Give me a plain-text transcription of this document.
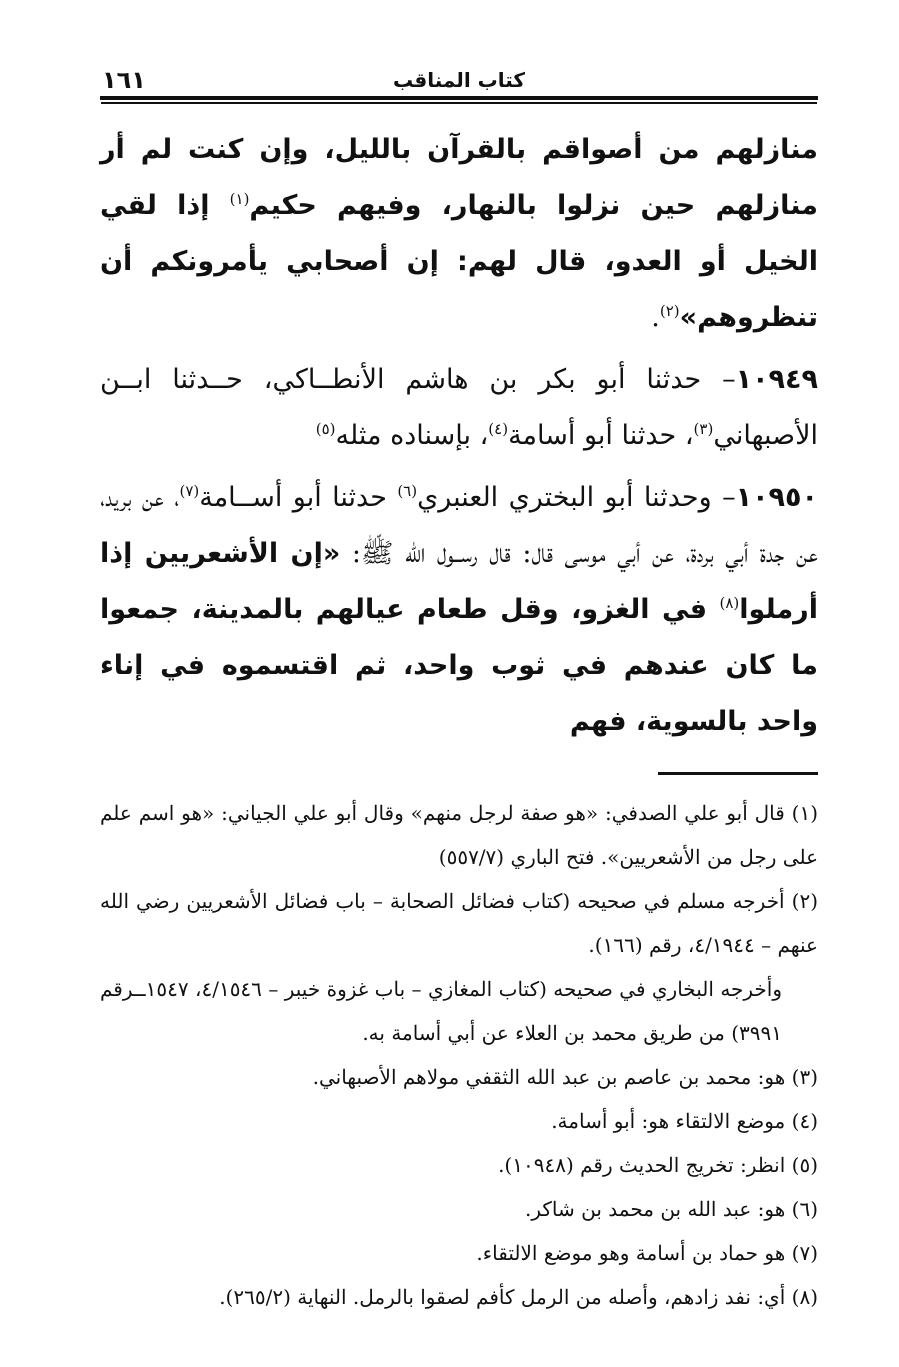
كتاب المناقب
١٦١

منازلهم من أصواقم بالقرآن بالليل، وإن كنت لم أر منازلهم حين نزلوا بالنهار، وفيهم حكيم$^{(١)}$ إذا لقي الخيل أو العدو، قال لهم: إن أصحابي يأمرونكم أن تنظروهم»$^{(٢)}$.

١٠٩٤٩– حدثنا أبو بكر بن هاشم الأنطــاكي، حــدثنا ابــن الأصبهاني$^{(٣)}$، حدثنا أبو أسامة$^{(٤)}$، بإسناده مثله$^{(٥)}$

١٠٩٥٠– وحدثنا أبو البختري العنبري$^{(٦)}$ حدثنا أبو أســامة$^{(٧)}$، عن بريد، عن جدة أبي بردة، عن أبي موسى قال: قال رســول الله ﷺ: «إن الأشعريين إذا أرملوا$^{(٨)}$ في الغزو، وقل طعام عيالهم بالمدينة، جمعوا ما كان عندهم في ثوب واحد، ثم اقتسموه في إناء واحد بالسوية، فهم

(١) قال أبو علي الصدفي: «هو صفة لرجل منهم» وقال أبو علي الجياني: «هو اسم علم على رجل من الأشعريين». فتح الباري (٥٥٧/٧)

(٢) أخرجه مسلم في صحيحه (كتاب فضائل الصحابة – باب فضائل الأشعريين رضي الله عنهم – ٤/١٩٤٤، رقم (١٦٦).

وأخرجه البخاري في صحيحه (كتاب المغازي – باب غزوة خيبر – ٤/١٥٤٦، ١٥٤٧ــرقم ٣٩٩١) من طريق محمد بن العلاء عن أبي أسامة به.

(٣) هو: محمد بن عاصم بن عبد الله الثقفي مولاهم الأصبهاني.

(٤) موضع الالتقاء هو: أبو أسامة.

(٥) انظر: تخريج الحديث رقم (١٠٩٤٨).

(٦) هو: عبد الله بن محمد بن شاكر.

(٧) هو حماد بن أسامة وهو موضع الالتقاء.

(٨) أي: نفد زادهم، وأصله من الرمل كأفم لصقوا بالرمل. النهاية (٢٦٥/٢).
